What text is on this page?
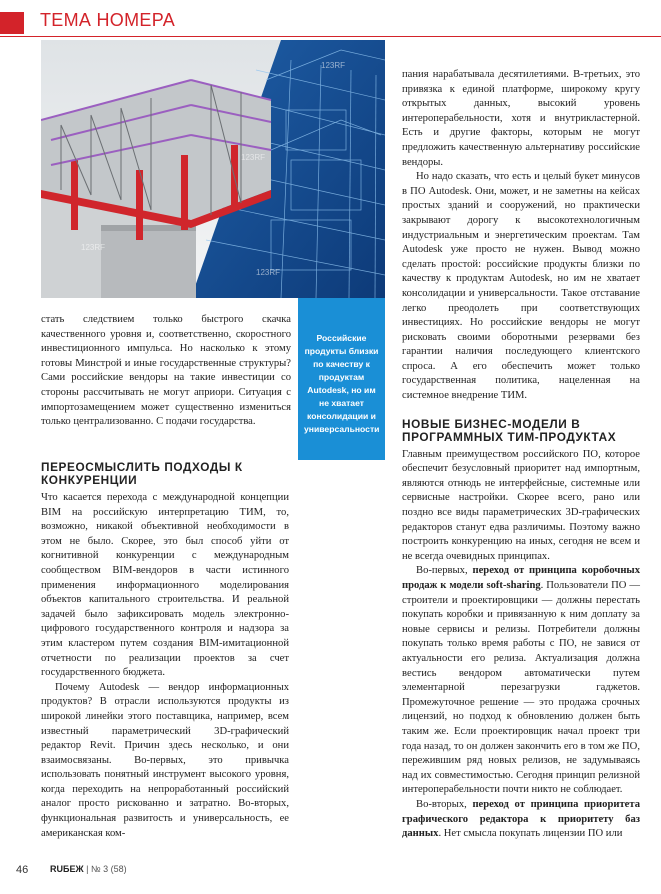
ТЕМА НОМЕРА
123RF
123RF
123RF
123RF
Российские продукты близки по качеству к продуктам Autodesk, но им не хватает консолидации и универсальности

стать следствием только быстрого скачка качественного уровня и, соответственно, скоростного инвестиционного импульса. Но насколько к этому готовы Минстрой и иные государственные структуры? Сами российские вендоры на такие инвестиции со стороны рассчитывать не могут априори. Ситуация с импортозамещением может существенно измениться только централизованно. С подачи государства.

ПЕРЕОСМЫСЛИТЬ ПОДХОДЫ К КОНКУРЕНЦИИ

Что касается перехода с международной концепции BIM на российскую интерпретацию ТИМ, то, возможно, никакой объективной необходимости в этом не было. Скорее, это был способ уйти от когнитивной конкуренции с международным сообществом BIM-вендоров в части истинного применения информационного моделирования объектов капитального строительства. И реальной задачей было зафиксировать модель электронно-цифрового государственного контроля и надзора за этим кластером путем создания BIM-имитационной отчетности по реализации проектов за счет государственного бюджета.

Почему Autodesk — вендор информационных продуктов? В отрасли используются продукты из широкой линейки этого поставщика, например, всем известный параметрический 3D-графический редактор Revit. Причин здесь несколько, и они взаимосвязаны. Во-первых, это привычка использовать понятный инструмент высокого уровня, когда переходить на непроработанный российский аналог просто рискованно и затратно. Во-вторых, функциональная развитость и универсальность, ее американская ком-

пания нарабатывала десятилетиями. В-третьих, это привязка к единой платформе, широкому кругу открытых данных, высокий уровень интероперабельности, хотя и внутрикластерной. Есть и другие факторы, которым не могут предложить качественную альтернативу российские вендоры.

Но надо сказать, что есть и целый букет минусов в ПО Autodesk. Они, может, и не заметны на кейсах простых зданий и сооружений, но практически закрывают дорогу к высокотехнологичным индустриальным и энергетическим проектам. Там Autodesk уже просто не нужен. Вывод можно сделать простой: российские продукты близки по качеству к продуктам Autodesk, но им не хватает консолидации и универсальности. Такое отставание легко преодолеть при соответствующих инвестициях. Но российские вендоры не могут рисковать своими оборотными резервами без гарантии наличия последующего клиентского спроса. А его обеспечить может только государственная политика, нацеленная на системное внедрение ТИМ.

НОВЫЕ БИЗНЕС-МОДЕЛИ В ПРОГРАММНЫХ ТИМ-ПРОДУКТАХ

Главным преимуществом российского ПО, которое обеспечит безусловный приоритет над импортным, являются отнюдь не интерфейсные, системные или сервисные настройки. Скорее всего, рано или поздно все виды параметрических 3D-графических редакторов станут едва различимы. Поэтому важно построить конкуренцию на иных, сегодня не всем и не всегда очевидных принципах.

Во-первых, переход от принципа коробочных продаж к модели soft-sharing. Пользователи ПО — строители и проектировщики — должны перестать покупать коробки и привязанную к ним доплату за новые сервисы и релизы. Потребители должны покупать только время работы с ПО, не завися от актуальности его релиза. Актуализация должна вестись вендором автоматически путем элементарной перезагрузки гаджетов. Промежуточное решение — это продажа срочных лицензий, но подход к обновлению должен быть таким же. Если проектировщик начал проект три года назад, то он должен закончить его в том же ПО, пережившим ряд новых релизов, не задумываясь над их совместимостью. Сегодня принцип релизной интероперабельности почти никто не соблюдает.

Во-вторых, переход от принципа приоритета графического редактора к приоритету баз данных. Нет смысла покупать лицензии ПО или

46 RUБЕЖ | № 3 (58)
